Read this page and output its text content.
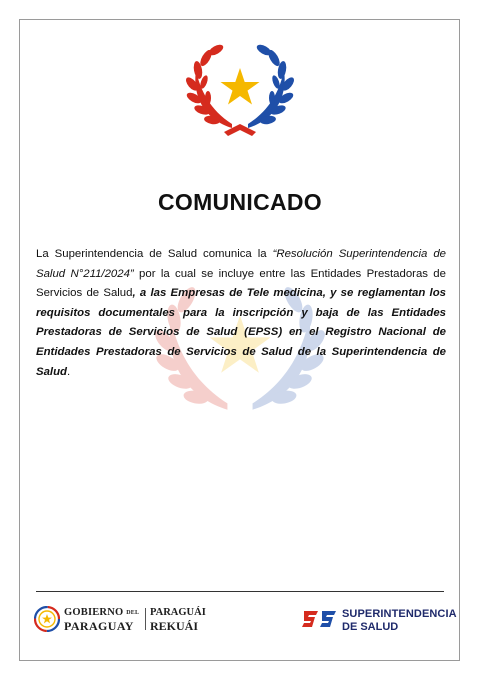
COMUNICADO
La Superintendencia de Salud comunica la “Resolución Superintendencia de Salud N°211/2024” por la cual se incluye entre las Entidades Prestadoras de Servicios de Salud, a las Empresas de Tele medicina, y se reglamentan los requisitos documentales para la inscripción y baja de las Entidades Prestadoras de Servicios de Salud (EPSS) en el Registro Nacional de Entidades Prestadoras de Servicios de Salud de la Superintendencia de Salud.
GOBIERNO DEL
PARAGUAY
PARAGUÁI
REKUÁI
SUPERINTENDENCIA
DE SALUD
